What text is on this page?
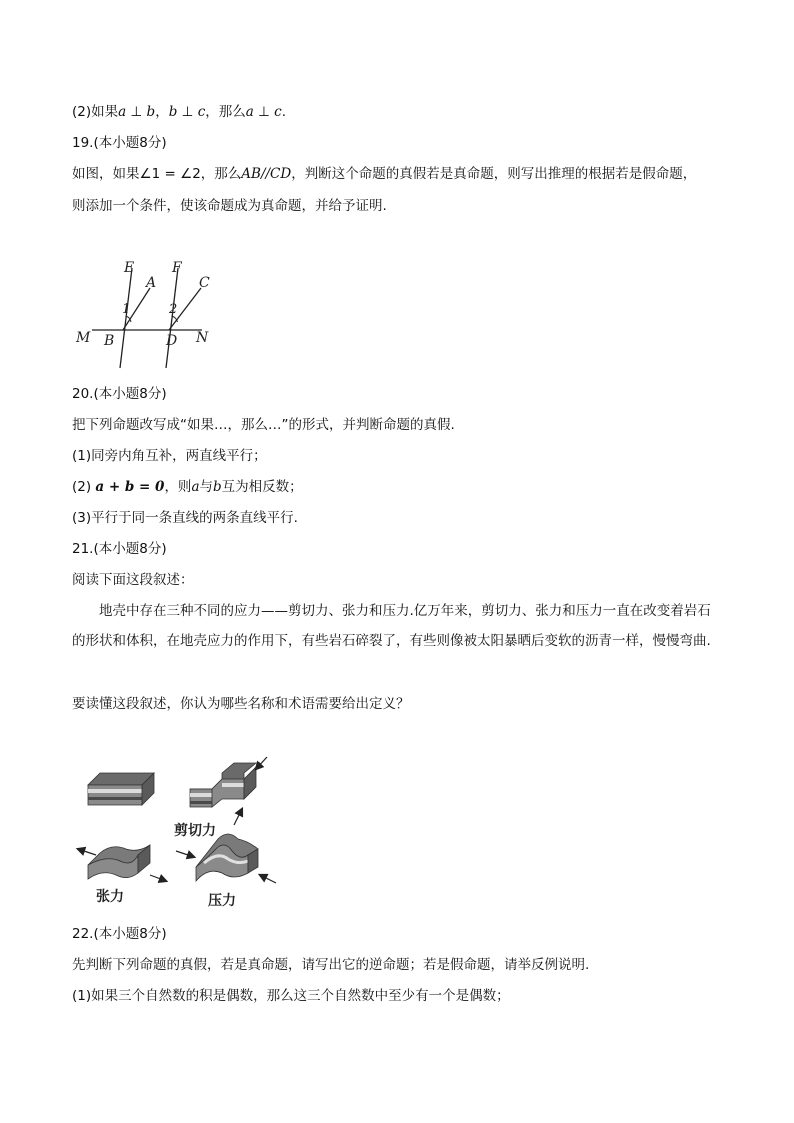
(2)如果a ⊥ b，b ⊥ c，那么a ⊥ c.
19.(本小题8分)
如图，如果∠1 = ∠2，那么AB//CD，判断这个命题的真假若是真命题，则写出推理的根据若是假命题，
则添加一个条件，使该命题成为真命题，并给予证明.
E
A
F
C
M B	D N
1	2
20.(本小题8分)
把下列命题改写成“如果…，那么…”的形式，并判断命题的真假.
(1)同旁内角互补，两直线平行；
(2) a + b = 0，则a与b互为相反数；
(3)平行于同一条直线的两条直线平行.
21.(本小题8分)
阅读下面这段叙述：
地壳中存在三种不同的应力——剪切力、张力和压力.亿万年来，剪切力、张力和压力一直在改变着岩石的形状和体积，在地壳应力的作用下，有些岩石碎裂了，有些则像被太阳暴晒后变软的沥青一样，慢慢弯曲.
要读懂这段叙述，你认为哪些名称和术语需要给出定义？
剪切力
张力	压力
22.(本小题8分)
先判断下列命题的真假，若是真命题，请写出它的逆命题；若是假命题，请举反例说明.
(1)如果三个自然数的积是偶数，那么这三个自然数中至少有一个是偶数；
